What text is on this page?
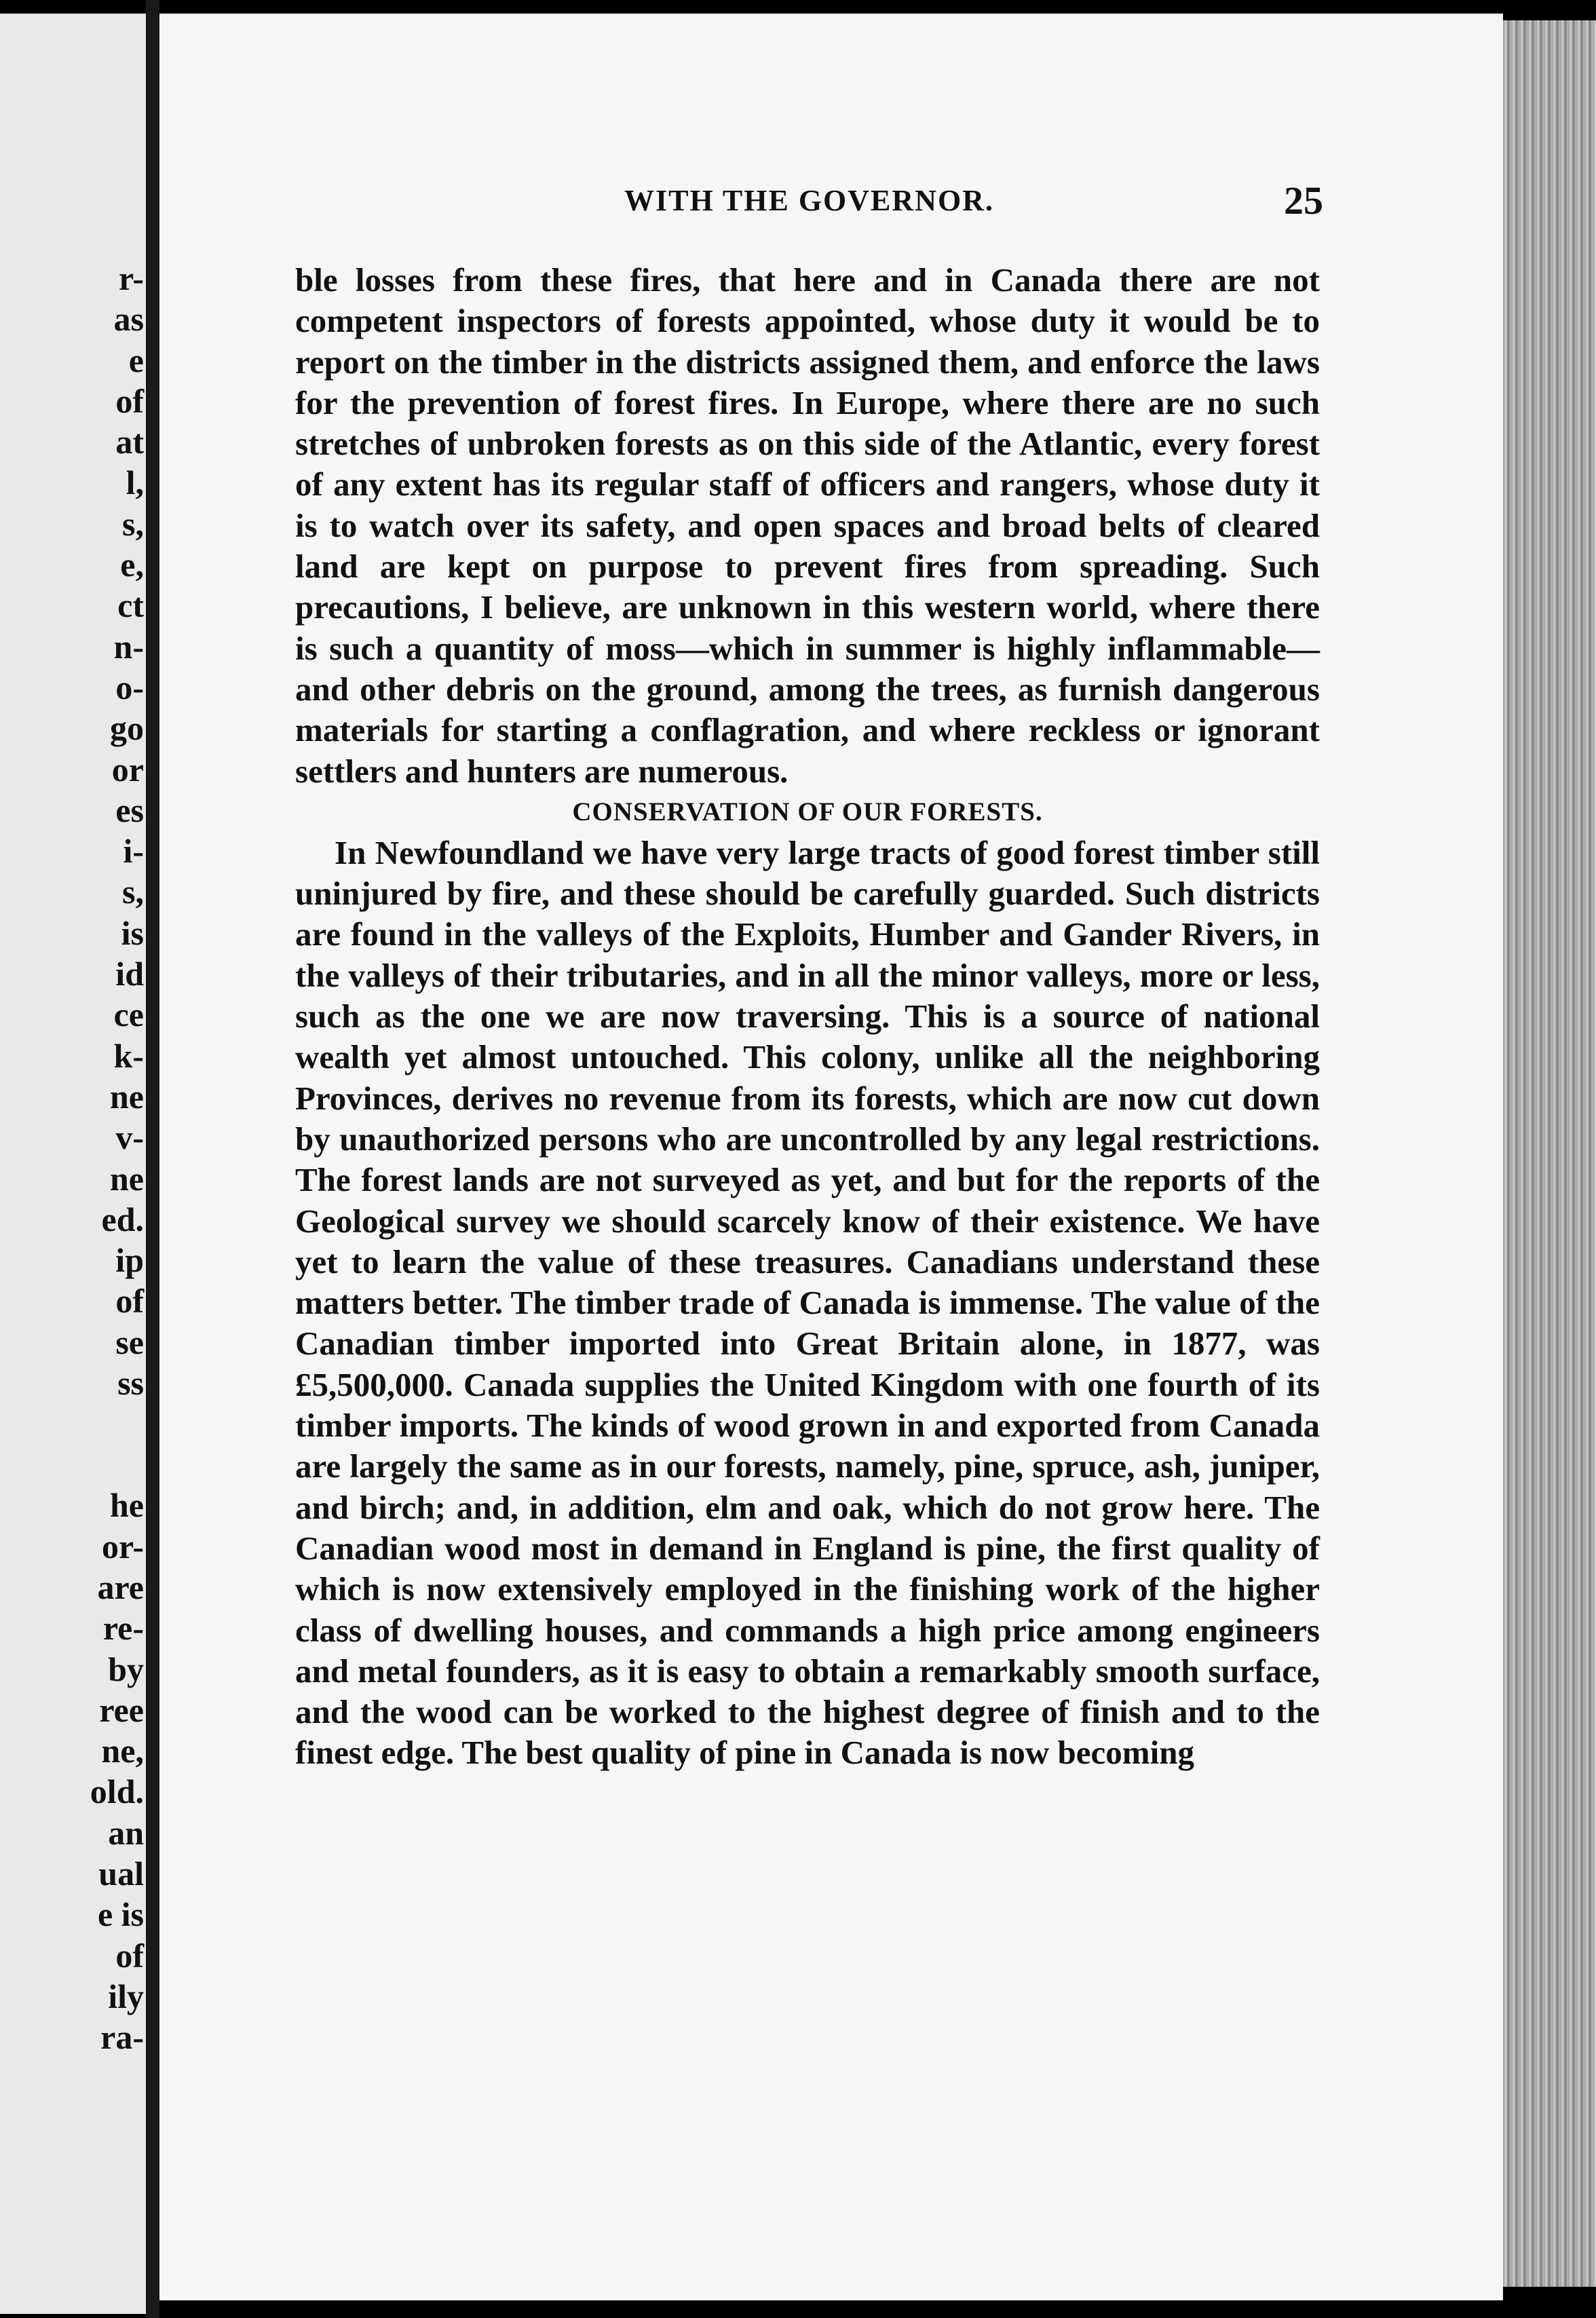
r-
as
e
of
at
l,
s,
e,
ct
n-
o-
go
or
es
i-
s,
is
id
ce
k-
ne
v-
ne
ed.
ip
of
se
ss
he
or-
are
re-
by
ree
ne,
old.
an
ual
e is
of
ily
ra-
WITH THE GOVERNOR.	25

ble losses from these fires, that here and in Canada there are not competent inspectors of forests appointed, whose duty it would be to report on the timber in the districts assigned them, and enforce the laws for the prevention of forest fires. In Europe, where there are no such stretches of unbroken forests as on this side of the Atlantic, every forest of any extent has its regular staff of officers and rangers, whose duty it is to watch over its safety, and open spaces and broad belts of cleared land are kept on purpose to prevent fires from spreading. Such precautions, I believe, are unknown in this western world, where there is such a quantity of moss—which in summer is highly inflammable—and other debris on the ground, among the trees, as furnish dangerous materials for starting a conflagration, and where reckless or ignorant settlers and hunters are numerous.

CONSERVATION OF OUR FORESTS.

In Newfoundland we have very large tracts of good forest timber still uninjured by fire, and these should be carefully guarded. Such districts are found in the valleys of the Exploits, Humber and Gander Rivers, in the valleys of their tributaries, and in all the minor valleys, more or less, such as the one we are now traversing. This is a source of national wealth yet almost untouched. This colony, unlike all the neighboring Provinces, derives no revenue from its forests, which are now cut down by unauthorized persons who are uncontrolled by any legal restrictions. The forest lands are not surveyed as yet, and but for the reports of the Geological survey we should scarcely know of their existence. We have yet to learn the value of these treasures. Canadians understand these matters better. The timber trade of Canada is immense. The value of the Canadian timber imported into Great Britain alone, in 1877, was £5,500,000. Canada supplies the United Kingdom with one fourth of its timber imports. The kinds of wood grown in and exported from Canada are largely the same as in our forests, namely, pine, spruce, ash, juniper, and birch; and, in addition, elm and oak, which do not grow here. The Canadian wood most in demand in England is pine, the first quality of which is now extensively employed in the finishing work of the higher class of dwelling houses, and commands a high price among engineers and metal founders, as it is easy to obtain a remarkably smooth surface, and the wood can be worked to the highest degree of finish and to the finest edge. The best quality of pine in Canada is now becoming
